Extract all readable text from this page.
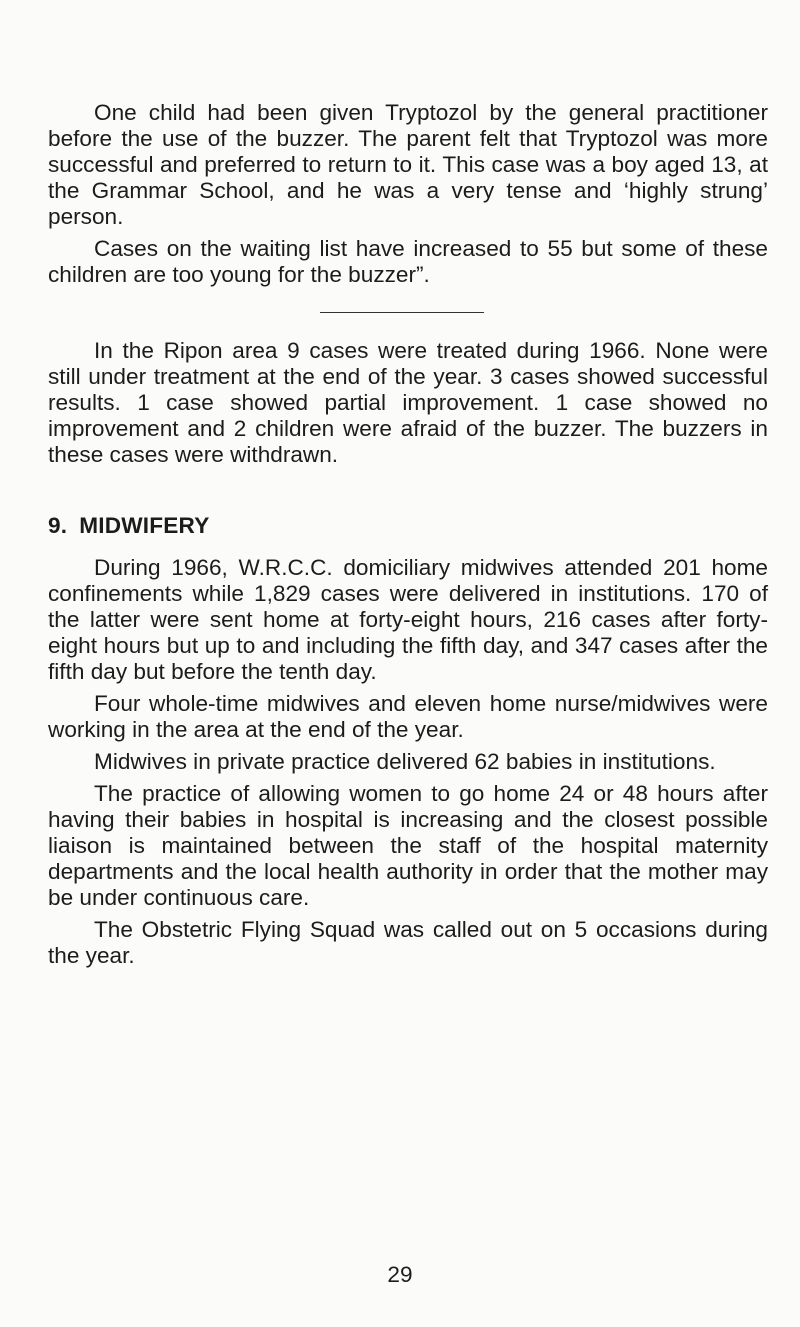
One child had been given Tryptozol by the general practitioner before the use of the buzzer. The parent felt that Tryptozol was more successful and preferred to return to it. This case was a boy aged 13, at the Grammar School, and he was a very tense and ‘highly strung’ person.

Cases on the waiting list have increased to 55 but some of these children are too young for the buzzer”.

In the Ripon area 9 cases were treated during 1966. None were still under treatment at the end of the year. 3 cases showed successful results. 1 case showed partial improvement. 1 case showed no improvement and 2 children were afraid of the buzzer. The buzzers in these cases were withdrawn.

9. MIDWIFERY

During 1966, W.R.C.C. domiciliary midwives attended 201 home confinements while 1,829 cases were delivered in institutions. 170 of the latter were sent home at forty-eight hours, 216 cases after forty-eight hours but up to and including the fifth day, and 347 cases after the fifth day but before the tenth day.

Four whole-time midwives and eleven home nurse/midwives were working in the area at the end of the year.

Midwives in private practice delivered 62 babies in institutions.

The practice of allowing women to go home 24 or 48 hours after having their babies in hospital is increasing and the closest possible liaison is maintained between the staff of the hospital maternity departments and the local health authority in order that the mother may be under continuous care.

The Obstetric Flying Squad was called out on 5 occasions during the year.

29
